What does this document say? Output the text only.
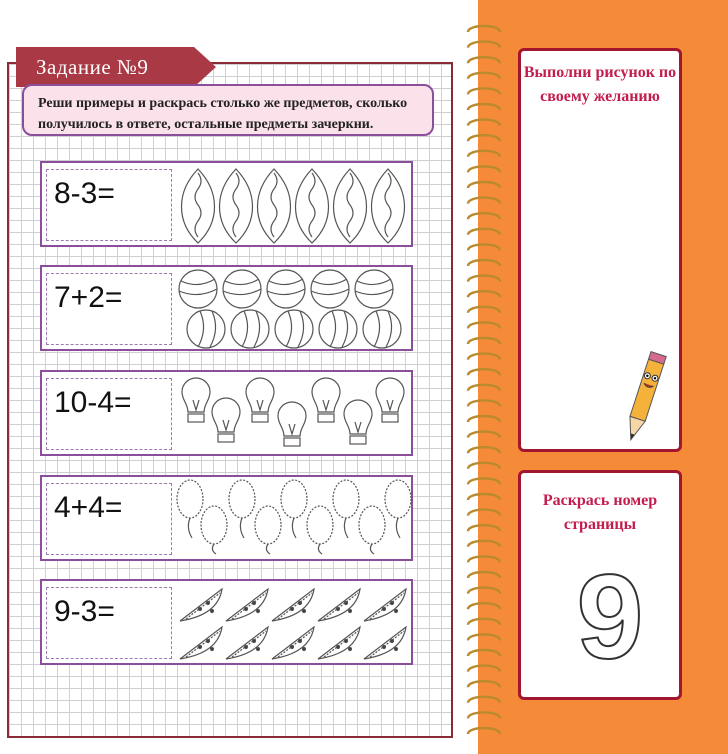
Задание №9
Реши примеры и раскрась столько же предметов, сколько получилось в ответе, остальные предметы зачеркни.
8-3=
7+2=
10-4=
4+4=
9-3=
Выполни рисунок по своему желанию
Раскрась номер страницы
9
